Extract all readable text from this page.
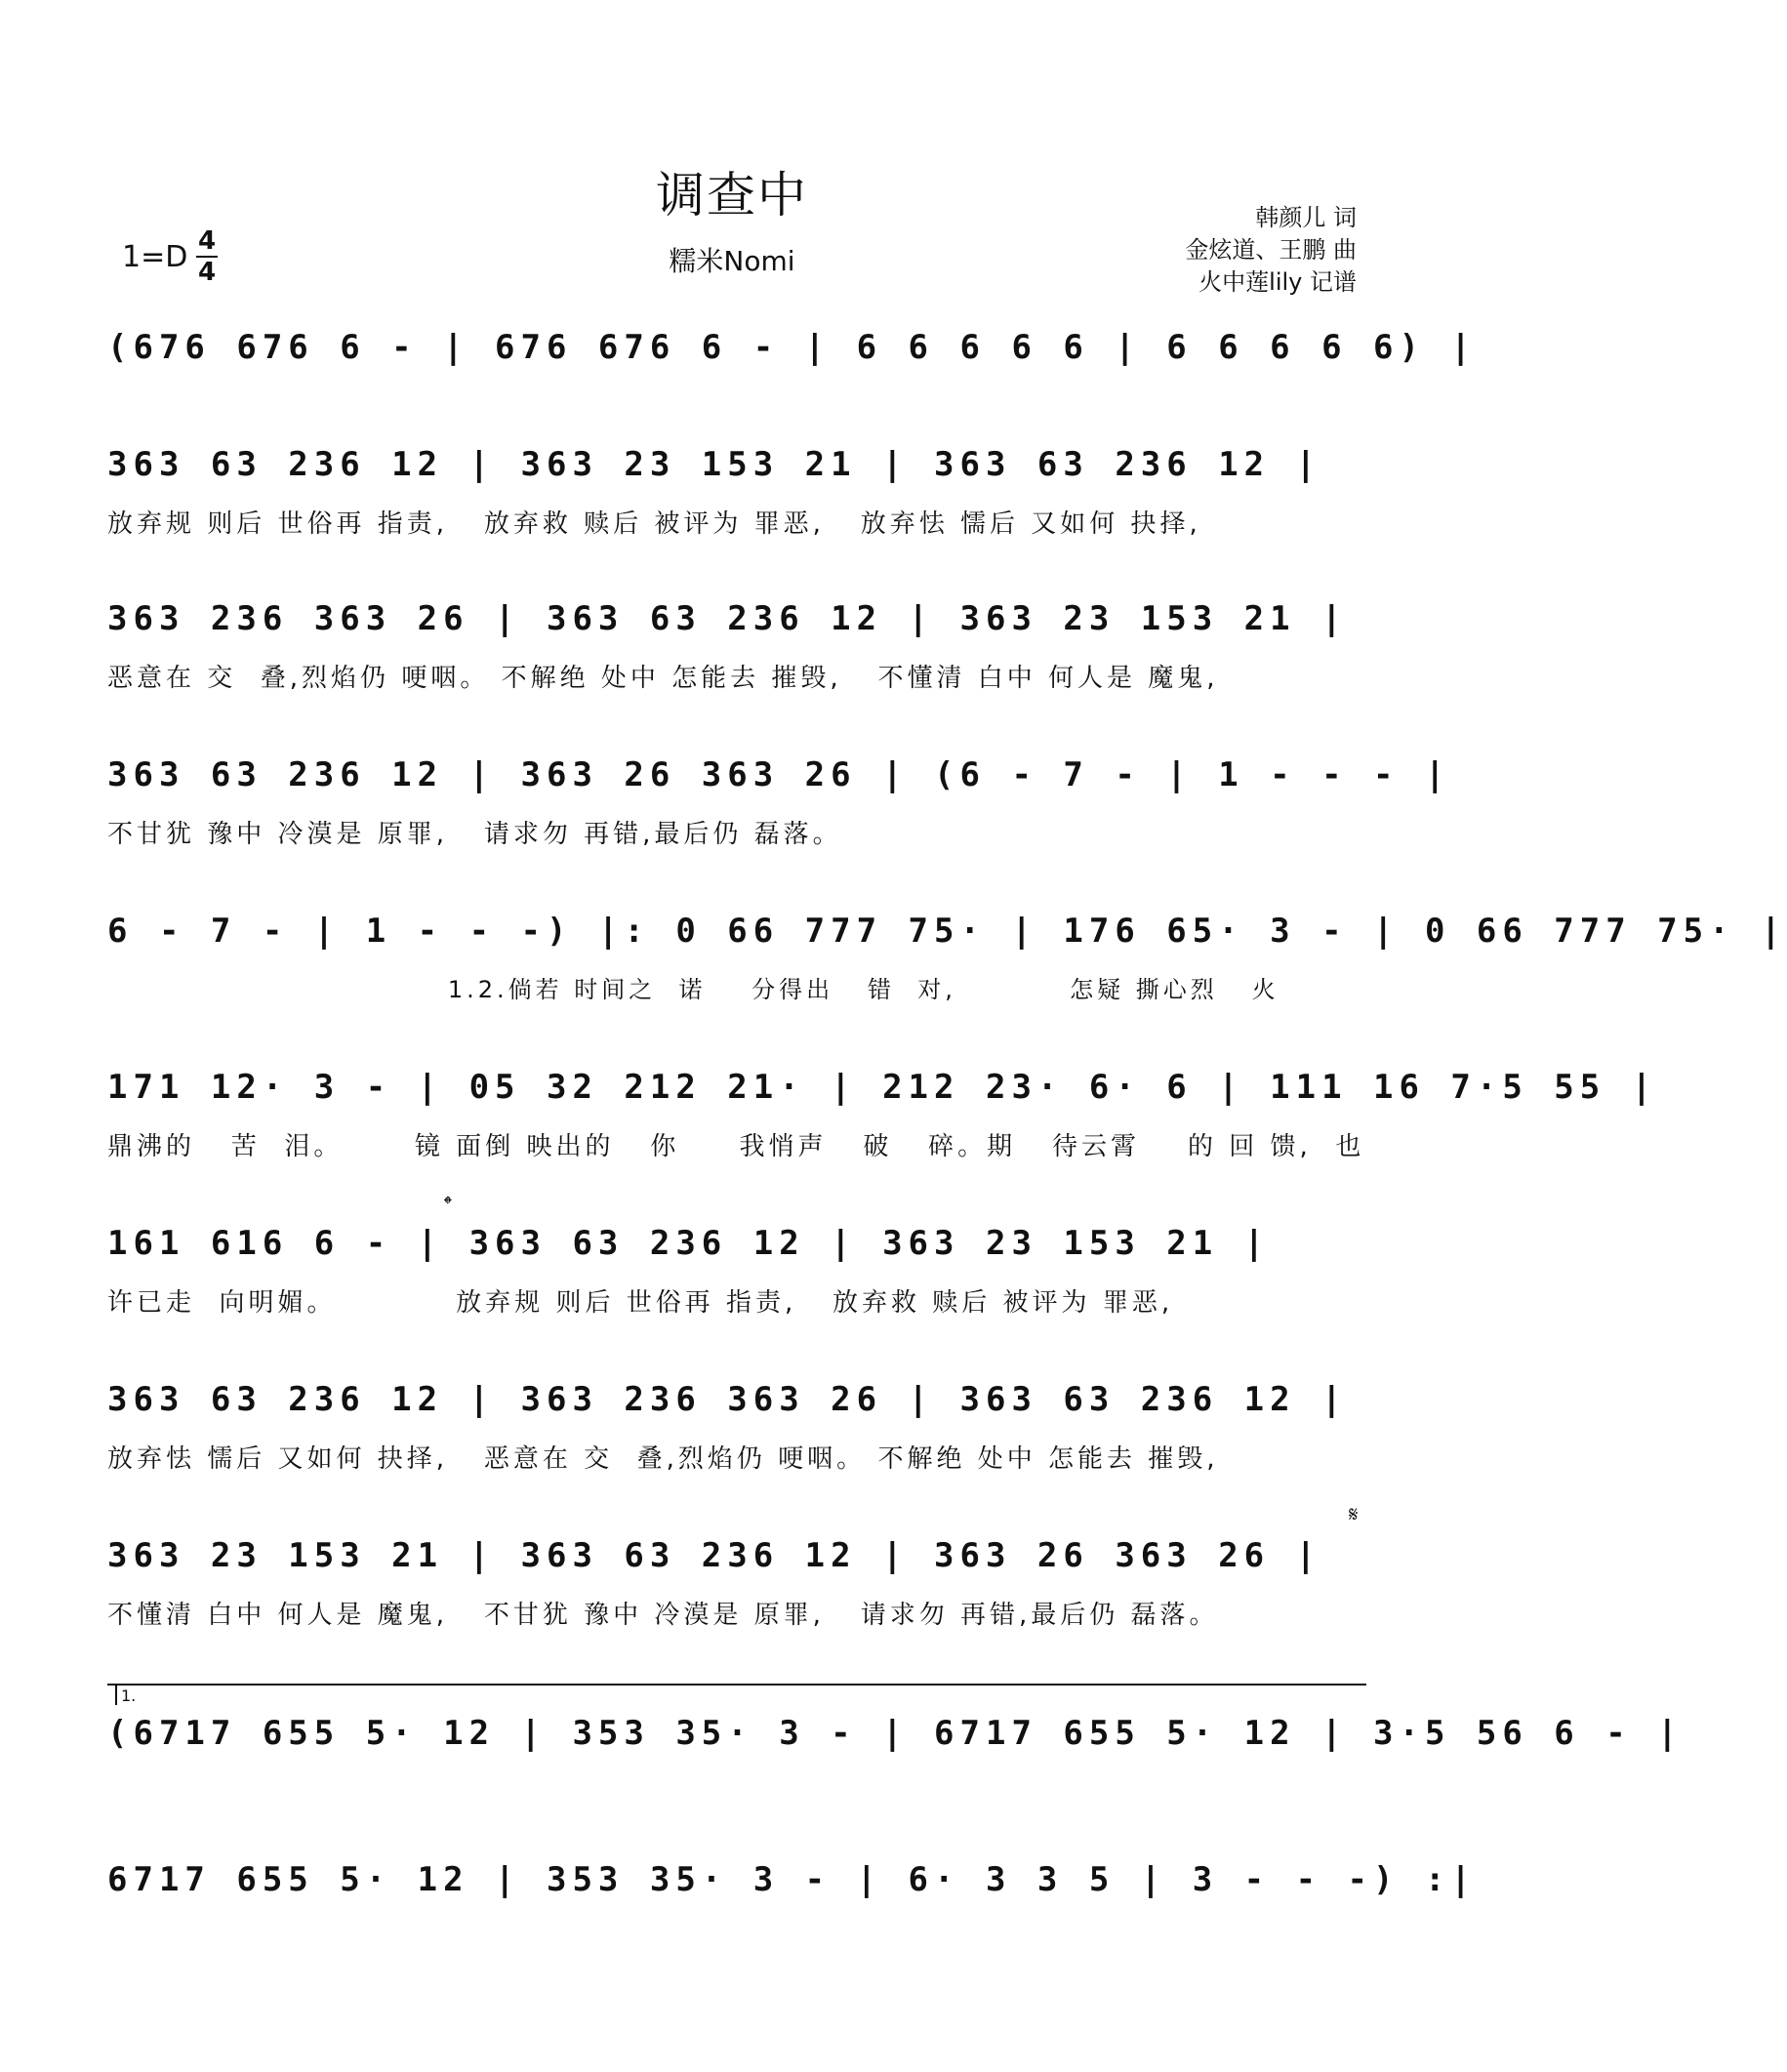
调查中
糯米Nomi
1=D 4
4
韩颜儿 词
金炫道、王鹏 曲
火中莲lily 记谱
(676 676 6 - | 676 676 6 - | 6 6 6 6 6 | 6 6 6 6 6) |
363 63 236 12 | 363 23 153 21 | 363 63 236 12 |
放弃规 则后 世俗再 指责,   放弃救 赎后 被评为 罪恶,   放弃怯 懦后 又如何 抉择,
363 236 363 26 | 363 63 236 12 | 363 23 153 21 |
恶意在 交  叠,烈焰仍 哽咽。 不解绝 处中 怎能去 摧毁,   不懂清 白中 何人是 魔鬼,
363 63 236 12 | 363 26 363 26 | (6 - 7 - | 1 - - - |
不甘犹 豫中 冷漠是 原罪,   请求勿 再错,最后仍 磊落。
6 - 7 - | 1 - - -) |: 0 66 777 75· | 176 65· 3 - | 0 66 777 75· |
1.2.倘若 时间之  诺    分得出   错  对,          怎疑 撕心烈   火
171 12· 3 - | 05 32 212 21· | 212 23· 6· 6 | 111 16 7·5 55 |
鼎沸的   苦  泪。      镜 面倒 映出的   你     我悄声   破   碎。期   待云霄    的 回 馈,  也
𝄌
161 616 6 - | 363 63 236 12 | 363 23 153 21 |
许已走  向明媚。          放弃规 则后 世俗再 指责,   放弃救 赎后 被评为 罪恶,
363 63 236 12 | 363 236 363 26 | 363 63 236 12 |
放弃怯 懦后 又如何 抉择,   恶意在 交  叠,烈焰仍 哽咽。 不解绝 处中 怎能去 摧毁,
𝄋
363 23 153 21 | 363 63 236 12 | 363 26 363 26 |
不懂清 白中 何人是 魔鬼,   不甘犹 豫中 冷漠是 原罪,   请求勿 再错,最后仍 磊落。
1.
(6717 655 5· 12 | 353 35· 3 - | 6717 655 5· 12 | 3·5 56 6 - |
6717 655 5· 12 | 353 35· 3 - | 6· 3 3 5 | 3 - - -) :|
